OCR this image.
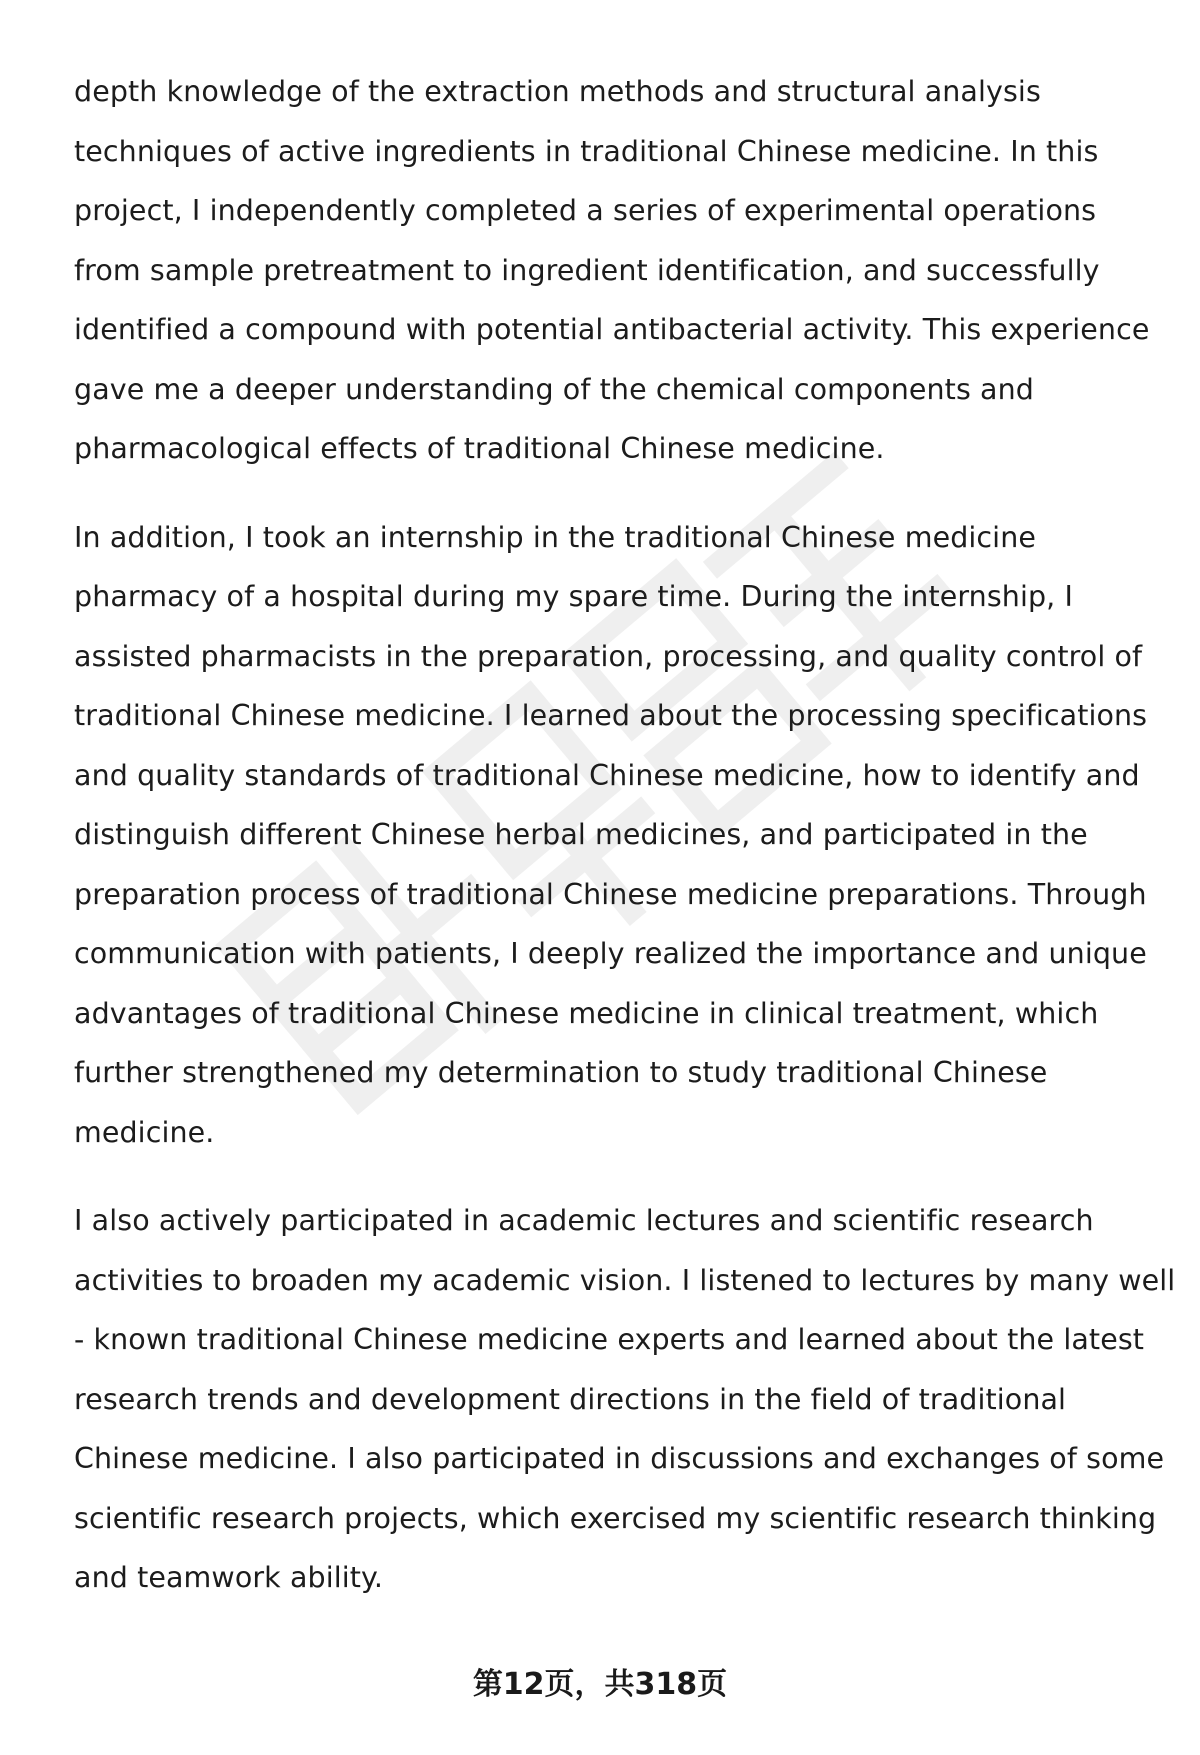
depth knowledge of the extraction methods and structural analysis
techniques of active ingredients in traditional Chinese medicine. In this
project, I independently completed a series of experimental operations
from sample pretreatment to ingredient identification, and successfully
identified a compound with potential antibacterial activity. This experience
gave me a deeper understanding of the chemical components and
pharmacological effects of traditional Chinese medicine.

In addition, I took an internship in the traditional Chinese medicine
pharmacy of a hospital during my spare time. During the internship, I
assisted pharmacists in the preparation, processing, and quality control of
traditional Chinese medicine. I learned about the processing specifications
and quality standards of traditional Chinese medicine, how to identify and
distinguish different Chinese herbal medicines, and participated in the
preparation process of traditional Chinese medicine preparations. Through
communication with patients, I deeply realized the importance and unique
advantages of traditional Chinese medicine in clinical treatment, which
further strengthened my determination to study traditional Chinese
medicine.

I also actively participated in academic lectures and scientific research
activities to broaden my academic vision. I listened to lectures by many well
- known traditional Chinese medicine experts and learned about the latest
research trends and development directions in the field of traditional
Chinese medicine. I also participated in discussions and exchanges of some
scientific research projects, which exercised my scientific research thinking
and teamwork ability.

第12页，共318页
